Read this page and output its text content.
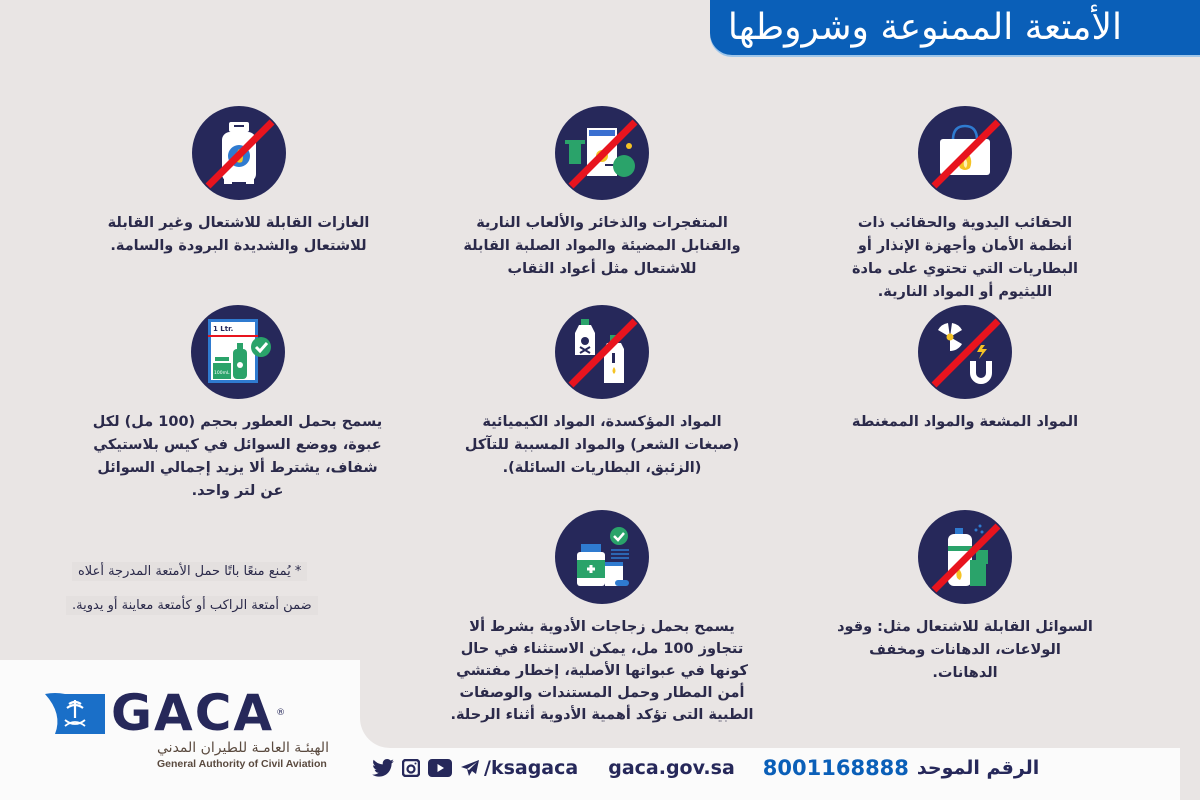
الأمتعة الممنوعة وشروطها
الحقائب اليدوية والحقائب ذات أنظمة الأمان وأجهزة الإنذار أو البطاريات التي تحتوي على مادة الليثيوم أو المواد النارية.
المتفجرات والذخائر والألعاب النارية والقنابل المضيئة والمواد الصلبة القابلة للاشتعال مثل أعواد الثقاب
الغازات القابلة للاشتعال وغير القابلة للاشتعال والشديدة البرودة والسامة.
المواد المشعة والمواد الممغنطة
المواد المؤكسدة، المواد الكيميائية (صبغات الشعر) والمواد المسببة للتآكل (الزئبق، البطاريات السائلة).
1 Ltr.
100mL
يسمح بحمل العطور بحجم (100 مل) لكل عبوة، ووضع السوائل في كيس بلاستيكي شفاف، يشترط ألا يزيد إجمالي السوائل عن لتر واحد.
* يُمنع منعًا باتًا حمل الأمتعة المدرجة أعلاه
ضمن أمتعة الراكب أو كأمتعة معاينة أو يدوية.
السوائل القابلة للاشتعال مثل: وقود الولاعات، الدهانات ومخفف الدهانات.
يسمح بحمل زجاجات الأدوية بشرط ألا تتجاوز 100 مل، يمكن الاستثناء في حال كونها في عبواتها الأصلية، إخطار مفتشي أمن المطار وحمل المستندات والوصفات الطبية التى تؤكد أهمية الأدوية أثناء الرحلة.
GACA ®
الهيئـة العامـة للطيران المدني
General Authority of Civil Aviation	/ksagaca gaca.gov.sa 8001168888 الرقم الموحد
